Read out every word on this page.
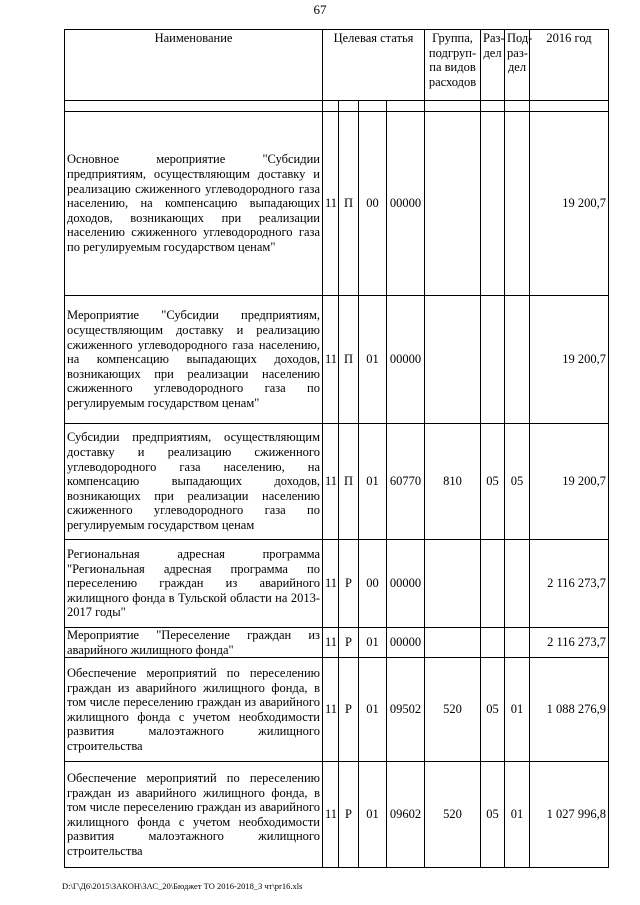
67
Наименование	Целевая статья				Группа, подгруп-па видов расходов	Раз-дел	Под-раз-дел	2016 год

Основное мероприятие "Субсидии предприятиям, осуществляющим доставку и реализацию сжиженного углеводородного газа населению, на компенсацию выпадающих доходов, возникающих при реализации населению сжиженного углеводородного газа по регулируемым государством ценам"	11	П	00	00000				19 200,7
Мероприятие "Субсидии предприятиям, осуществляющим доставку и реализацию сжиженного углеводородного газа населению, на компенсацию выпадающих доходов, возникающих при реализации населению сжиженного углеводородного газа по регулируемым государством ценам"	11	П	01	00000				19 200,7
Субсидии предприятиям, осуществляющим доставку и реализацию сжиженного углеводородного газа населению, на компенсацию выпадающих доходов, возникающих при реализации населению сжиженного углеводородного газа по регулируемым государством ценам	11	П	01	60770	810	05	05	19 200,7
Региональная адресная программа "Региональная адресная программа по переселению граждан из аварийного жилищного фонда в Тульской области на 2013-2017 годы"	11	Р	00	00000				2 116 273,7
Мероприятие "Переселение граждан из аварийного жилищного фонда"	11	Р	01	00000				2 116 273,7
Обеспечение мероприятий по переселению граждан из аварийного жилищного фонда, в том числе переселению граждан из аварийного жилищного фонда с учетом необходимости развития малоэтажного жилищного строительства	11	Р	01	09502	520	05	01	1 088 276,9
Обеспечение мероприятий по переселению граждан из аварийного жилищного фонда, в том числе переселению граждан из аварийного жилищного фонда с учетом необходимости развития малоэтажного жилищного строительства	11	Р	01	09602	520	05	01	1 027 996,8
D:\Г\Д6\2015\ЗАКОН\ЗАС_20\Бюджет ТО 2016-2018_3 чт\pr16.xls
